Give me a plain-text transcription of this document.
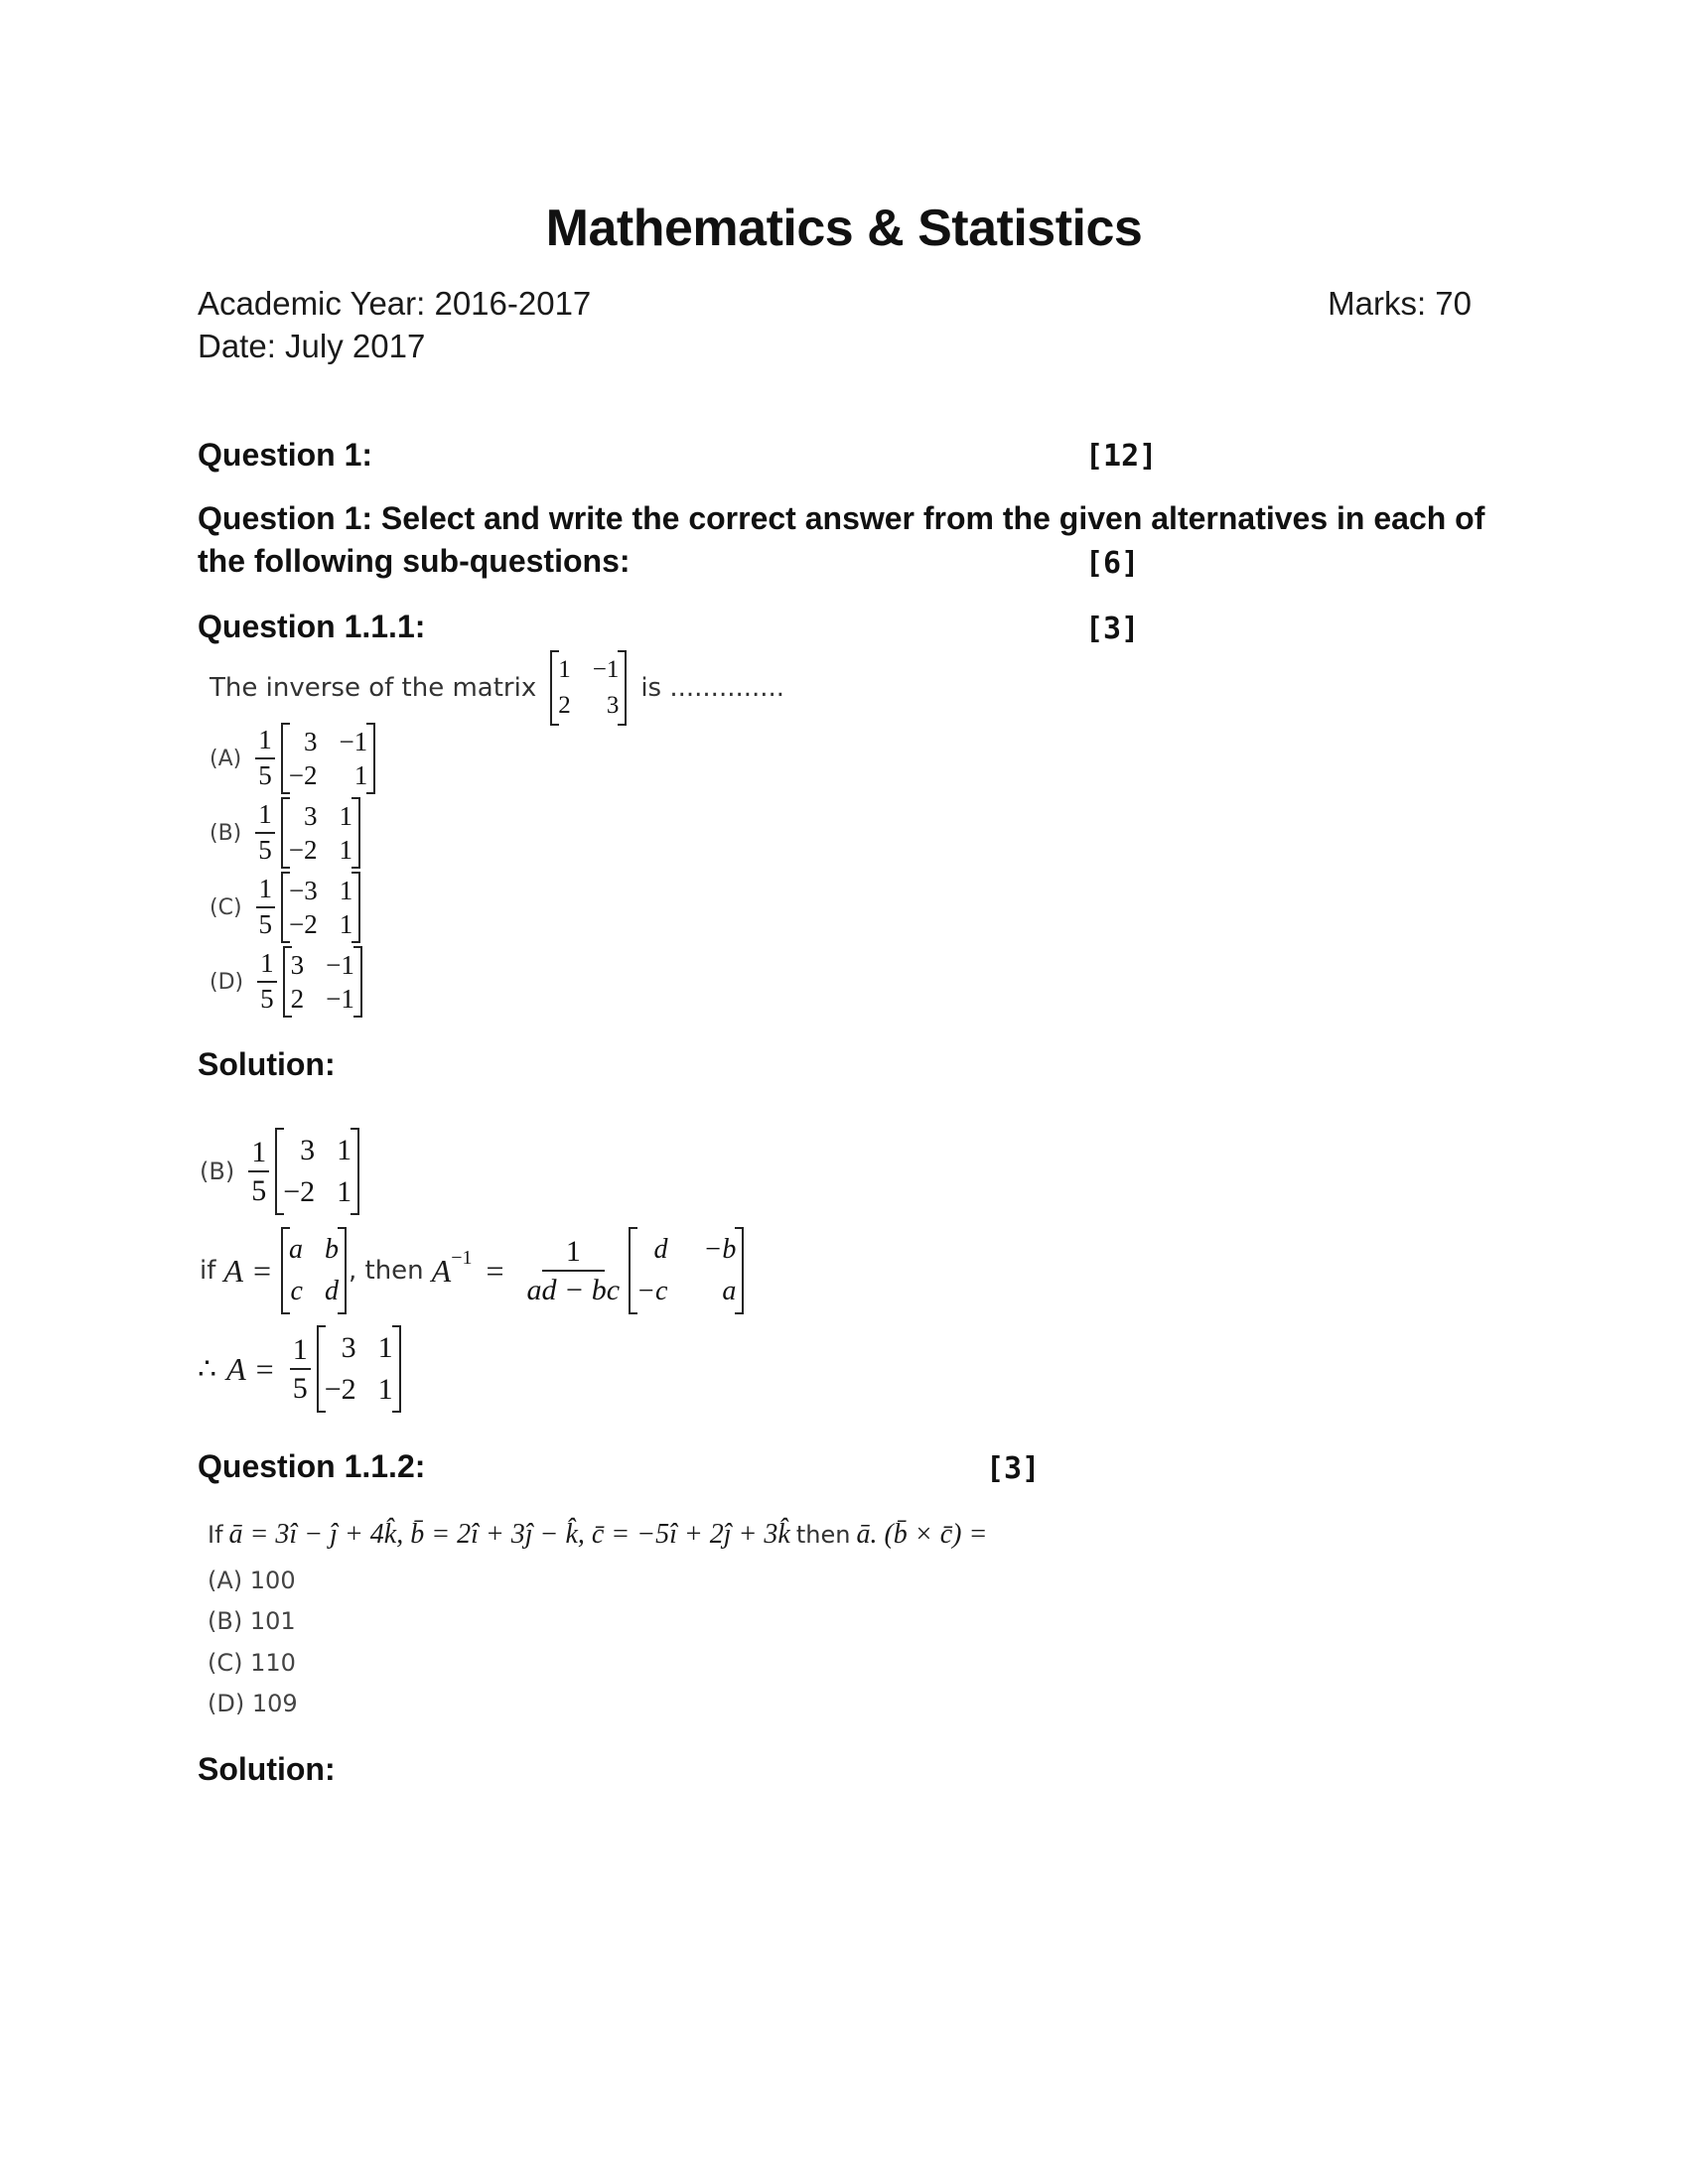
Mathematics & Statistics
Academic Year: 2016-2017
Date: July 2017
Marks: 70
Question 1:	[12]
Question 1: Select and write the correct answer from the given alternatives in each of
the following sub-questions:	[6]
Question 1.1.1:	[3]
The inverse of the matrix
1 −1
2	3
is ..............
$(A) \frac{1}{5}$	3 −1
−2	1
$(B) \frac{1}{5}$	3 1
−2 1
$(C) \frac{1}{5} -3$ 1
−2 1
$(D) \frac{1}{5} 3 -1$
2 −1
Solution:
$(B) \frac{1}{5}$	3 1
−2 1
if A =
a b
c d
, then $A^{-1} = \frac{1}{ad - bc}$	d −b
−c	a
∴ $A = \frac{1}{5}$	3 1
−2 1
Question 1.1.2:	[3]
If ā = 3î − ĵ + 4k̂, b̄ = 2î + 3ĵ − k̂, c̄ = −5î + 2ĵ + 3k̂ then ā. (b̄ × c̄) =
(A) 100
(B) 101
(C) 110
(D) 109
Solution:
